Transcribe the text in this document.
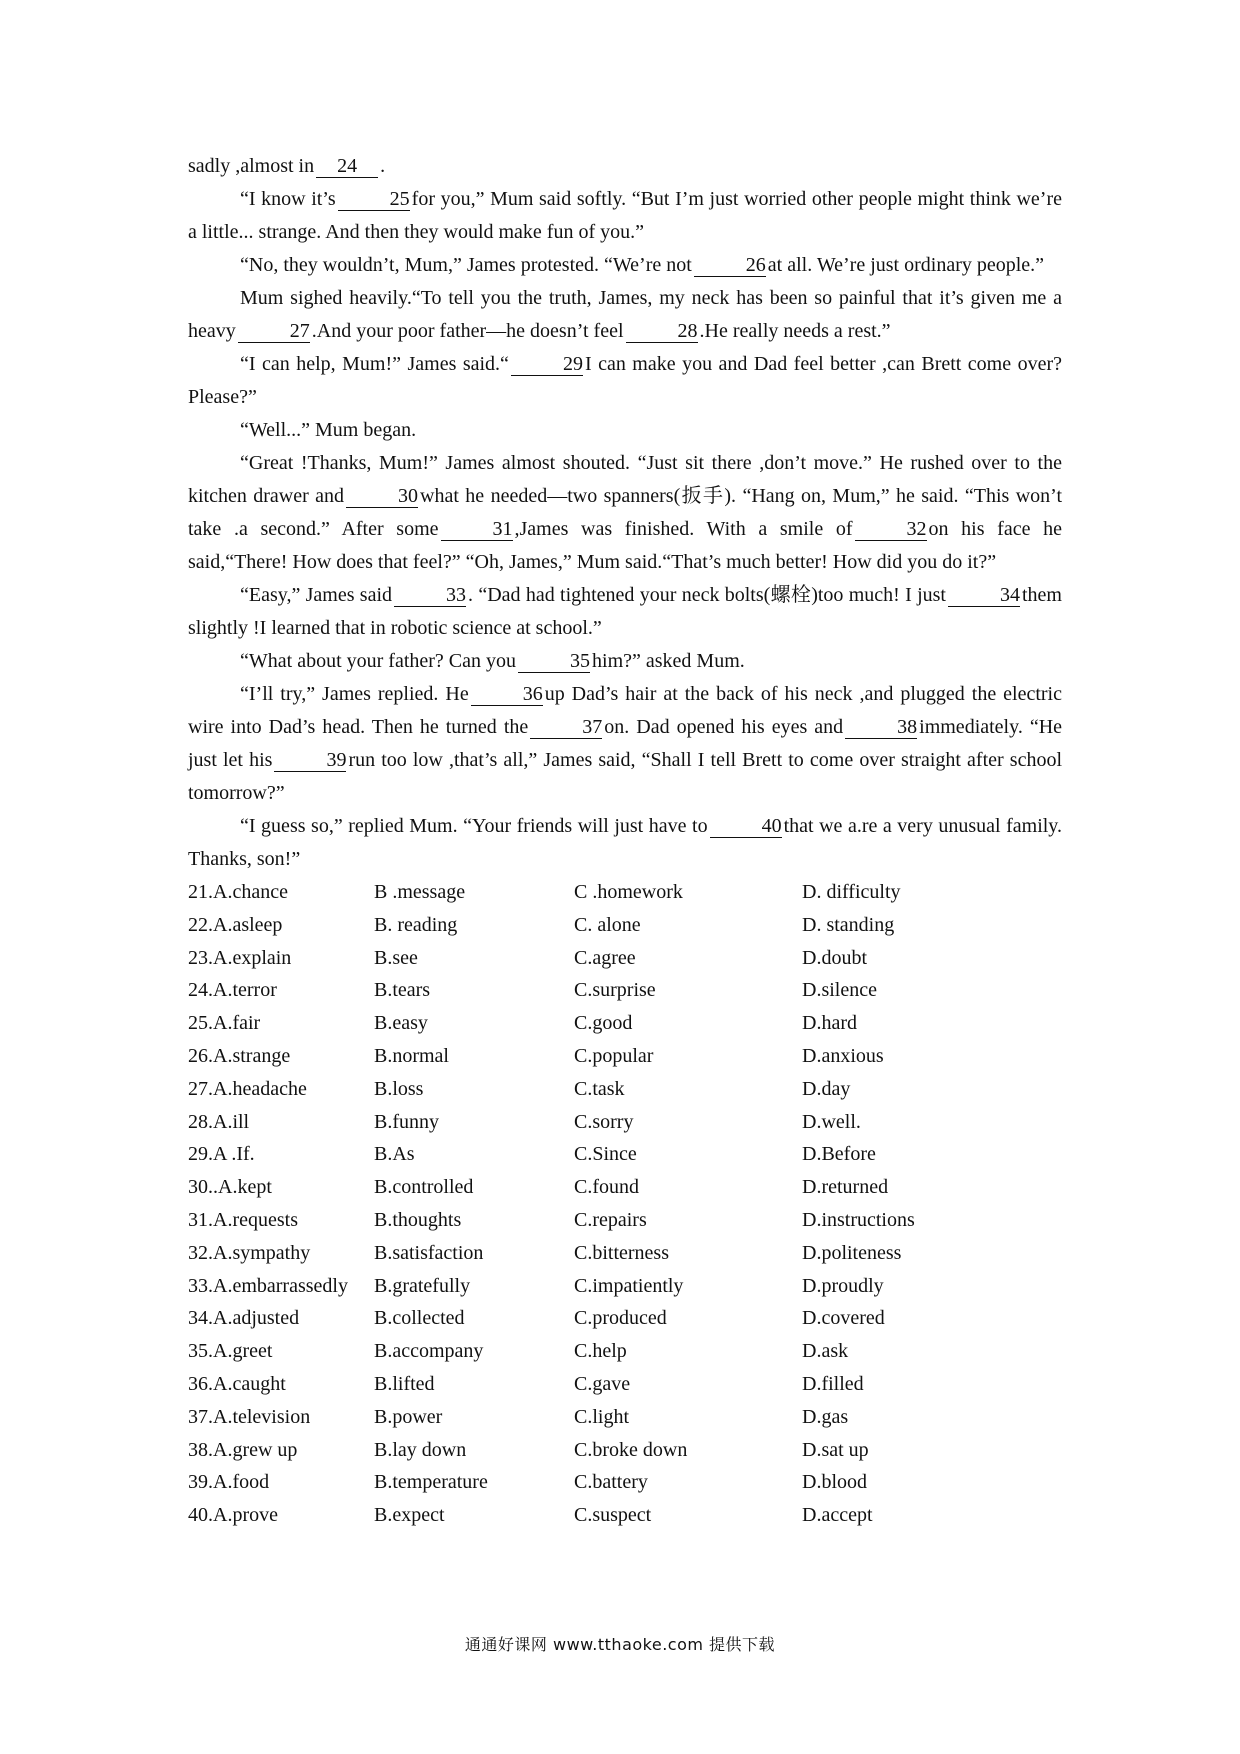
sadly ,almost in 24 .

“I know it’s	25 for you,” Mum said softly. “But I’m just worried other people might think we’re a little... strange. And then they would make fun of you.”

“No, they wouldn’t, Mum,” James protested. “We’re not	26 at all. We’re just ordinary people.”

Mum sighed heavily.“To tell you the truth, James, my neck has been so painful that it’s given me a heavy	27 .And your poor father—he doesn’t feel	28 .He really needs a rest.”

“I can help, Mum!” James said.“	29 I can make you and Dad feel better ,can Brett come over? Please?”

“Well...” Mum began.

“Great !Thanks, Mum!” James almost shouted. “Just sit there ,don’t move.” He rushed over to the kitchen drawer and	30 what he needed—two spanners(扳手). “Hang on, Mum,” he said. “This won’t take .a second.” After some	31 ,James was finished. With a smile of	32 on his face he said,“There! How does that feel?” “Oh, James,” Mum said.“That’s much better! How did you do it?”

“Easy,” James said	33 . “Dad had tightened your neck bolts(螺栓)too much! I just	34 them slightly !I learned that in robotic science at school.”

“What about your father? Can you	35 him?” asked Mum.

“I’ll try,” James replied. He	36 up Dad’s hair at the back of his neck ,and plugged the electric wire into Dad’s head. Then he turned the	37 on. Dad opened his eyes and	38 immediately. “He just let his	39 run too low ,that’s all,” James said, “Shall I tell Brett to come over straight after school tomorrow?”

“I guess so,” replied Mum. “Your friends will just have to	40 that we a.re a very unusual family. Thanks, son!”

21.A.chance	B .message	C .homework	D. difficulty
22.A.asleep	B. reading	C. alone	D. standing
23.A.explain	B.see	C.agree	D.doubt
24.A.terror	B.tears	C.surprise	D.silence
25.A.fair	B.easy	C.good	D.hard
26.A.strange	B.normal	C.popular	D.anxious
27.A.headache	B.loss	C.task	D.day
28.A.ill	B.funny	C.sorry	D.well.
29.A .If.	B.As	C.Since	D.Before
30..A.kept	B.controlled	C.found	D.returned
31.A.requests	B.thoughts	C.repairs	D.instructions
32.A.sympathy	B.satisfaction	C.bitterness	D.politeness
33.A.embarrassedly	B.gratefully	C.impatiently	D.proudly
34.A.adjusted	B.collected	C.produced	D.covered
35.A.greet	B.accompany	C.help	D.ask
36.A.caught	B.lifted	C.gave	D.filled
37.A.television	B.power	C.light	D.gas
38.A.grew up	B.lay down	C.broke down	D.sat up
39.A.food	B.temperature	C.battery	D.blood
40.A.prove	B.expect	C.suspect	D.accept
通通好课网 www.tthaoke.com 提供下载
